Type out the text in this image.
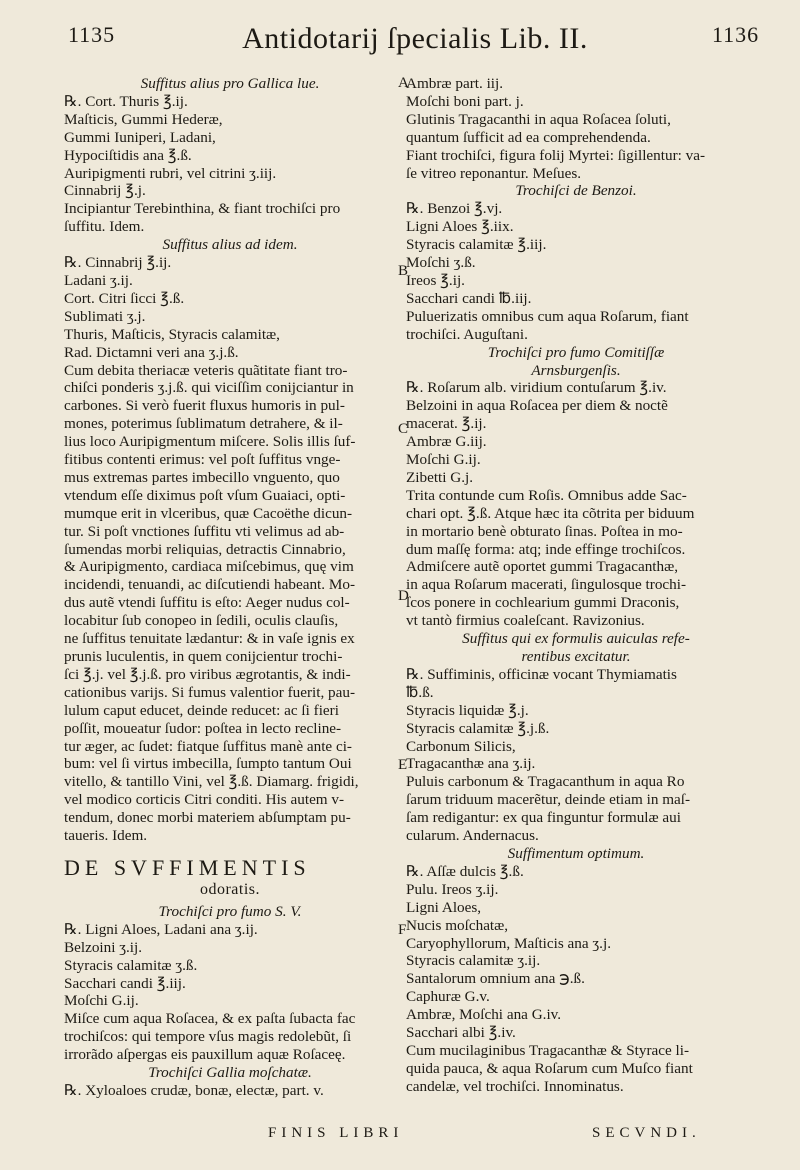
1135	Antidotarij ſpecialis Lib. II.	1136
A
B
C
D
E
F
Suffitus alius pro Gallica lue.
℞. Cort. Thuris ℥.ij.
Maſticis, Gummi Hederæ,
Gummi Iuniperi, Ladani,
Hypociſtidis ana ℥.ß.
Auripigmenti rubri, vel citrini ʒ.iij.
Cinnabrij ℥.j.
Incipiantur Terebinthina, & fiant trochiſci pro
ſuffitu. Idem.
Suffitus alius ad idem.
℞. Cinnabrij ℥.ij.
Ladani ʒ.ij.
Cort. Citri ſicci ℥.ß.
Sublimati ʒ.j.
Thuris, Maſticis, Styracis calamitæ,
Rad. Dictamni veri ana ʒ.j.ß.
Cum debita theriacæ veteris quãtitate fiant tro-
chiſci ponderis ʒ.j.ß. qui viciſſim conijciantur in
carbones. Si verò fuerit fluxus humoris in pul-
mones, poterimus ſublimatum detrahere, & il-
lius loco Auripigmentum miſcere. Solis illis ſuf-
fitibus contenti erimus: vel poſt ſuffitus vnge-
mus extremas partes imbecillo vnguento, quo
vtendum eſſe diximus poſt vſum Guaiaci, opti-
mumque erit in vlceribus, quæ Cacoëthe dicun-
tur. Si poſt vnctiones ſuffitu vti velimus ad ab-
ſumendas morbi reliquias, detractis Cinnabrio,
& Auripigmento, cardiaca miſcebimus, quę vim
incidendi, tenuandi, ac diſcutiendi habeant. Mo-
dus autẽ vtendi ſuffitu is eſto: Aeger nudus col-
locabitur ſub conopeo in ſedili, oculis clauſis,
ne ſuffitus tenuitate lædantur: & in vaſe ignis ex
prunis luculentis, in quem conijcientur trochi-
ſci ℥.j. vel ℥.j.ß. pro viribus ægrotantis, & indi-
cationibus varijs. Si fumus valentior fuerit, pau-
lulum caput educet, deinde reducet: ac ſi fieri
poſſit, moueatur ſudor: poſtea in lecto recline-
tur æger, ac ſudet: fiatque ſuffitus manè ante ci-
bum: vel ſi virtus imbecilla, ſumpto tantum Oui
vitello, & tantillo Vini, vel ℥.ß. Diamarg. frigidi,
vel modico corticis Citri conditi. His autem v-
tendum, donec morbi materiem abſumptam pu-
taueris. Idem.
DE SVFFIMENTIS
odoratis.
Trochiſci pro fumo S. V.
℞. Ligni Aloes, Ladani ana ʒ.ij.
Belzoini ʒ.ij.
Styracis calamitæ ʒ.ß.
Sacchari candi ℥.iij.
Moſchi G.ij.
Miſce cum aqua Roſacea, & ex paſta ſubacta fac
trochiſcos: qui tempore vſus magis redolebũt, ſi
irrorãdo aſpergas eis pauxillum aquæ Roſaceę.
Trochiſci Gallia moſchatæ.
℞. Xyloaloes crudæ, bonæ, electæ, part. v.
Ambræ part. iij.
Moſchi boni part. j.
Glutinis Tragacanthi in aqua Roſacea ſoluti,
quantum ſufficit ad ea comprehendenda.
Fiant trochiſci, figura folij Myrtei: ſigillentur: va-
ſe vitreo reponantur. Meſues.
Trochiſci de Benzoi.
℞. Benzoi ℥.vj.
Ligni Aloes ℥.iix.
Styracis calamitæ ℥.iij.
Moſchi ʒ.ß.
Ireos ℥.ij.
Sacchari candi ℔.iij.
Puluerizatis omnibus cum aqua Roſarum, fiant
trochiſci. Auguſtani.
Trochiſci pro fumo Comitiſſæ
Arnsburgenſis.
℞. Roſarum alb. viridium contuſarum ℥.iv.
Belzoini in aqua Roſacea per diem & noctẽ
macerat. ℥.ij.
Ambræ G.iij.
Moſchi G.ij.
Zibetti G.j.
Trita contunde cum Roſis. Omnibus adde Sac-
chari opt. ℥.ß. Atque hæc ita cõtrita per biduum
in mortario benè obturato ſinas. Poſtea in mo-
dum maſſę forma: atq; inde effinge trochiſcos.
Admiſcere autẽ oportet gummi Tragacanthæ,
in aqua Roſarum macerati, ſingulosque trochi-
ſcos ponere in cochlearium gummi Draconis,
vt tantò firmius coaleſcant. Ravizonius.
Suffitus qui ex formulis auiculas refe-
rentibus excitatur.
℞. Suffiminis, officinæ vocant Thymiamatis
℔.ß.
Styracis liquidæ ℥.j.
Styracis calamitæ ℥.j.ß.
Carbonum Silicis,
Tragacanthæ ana ʒ.ij.
Puluis carbonum & Tragacanthum in aqua Ro
ſarum triduum macerẽtur, deinde etiam in maſ-
ſam redigantur: ex qua finguntur formulæ aui
cularum. Andernacus.
Suffimentum optimum.
℞. Aſſæ dulcis ℥.ß.
Pulu. Ireos ʒ.ij.
Ligni Aloes,
Nucis moſchatæ,
Caryophyllorum, Maſticis ana ʒ.j.
Styracis calamitæ ʒ.ij.
Santalorum omnium ana ℈.ß.
Caphuræ G.v.
Ambræ, Moſchi ana G.iv.
Sacchari albi ℥.iv.
Cum mucilaginibus Tragacanthæ & Styrace li-
quida pauca, & aqua Roſarum cum Muſco fiant
candelæ, vel trochiſci. Innominatus.
FINIS LIBRI	SECVNDI.
